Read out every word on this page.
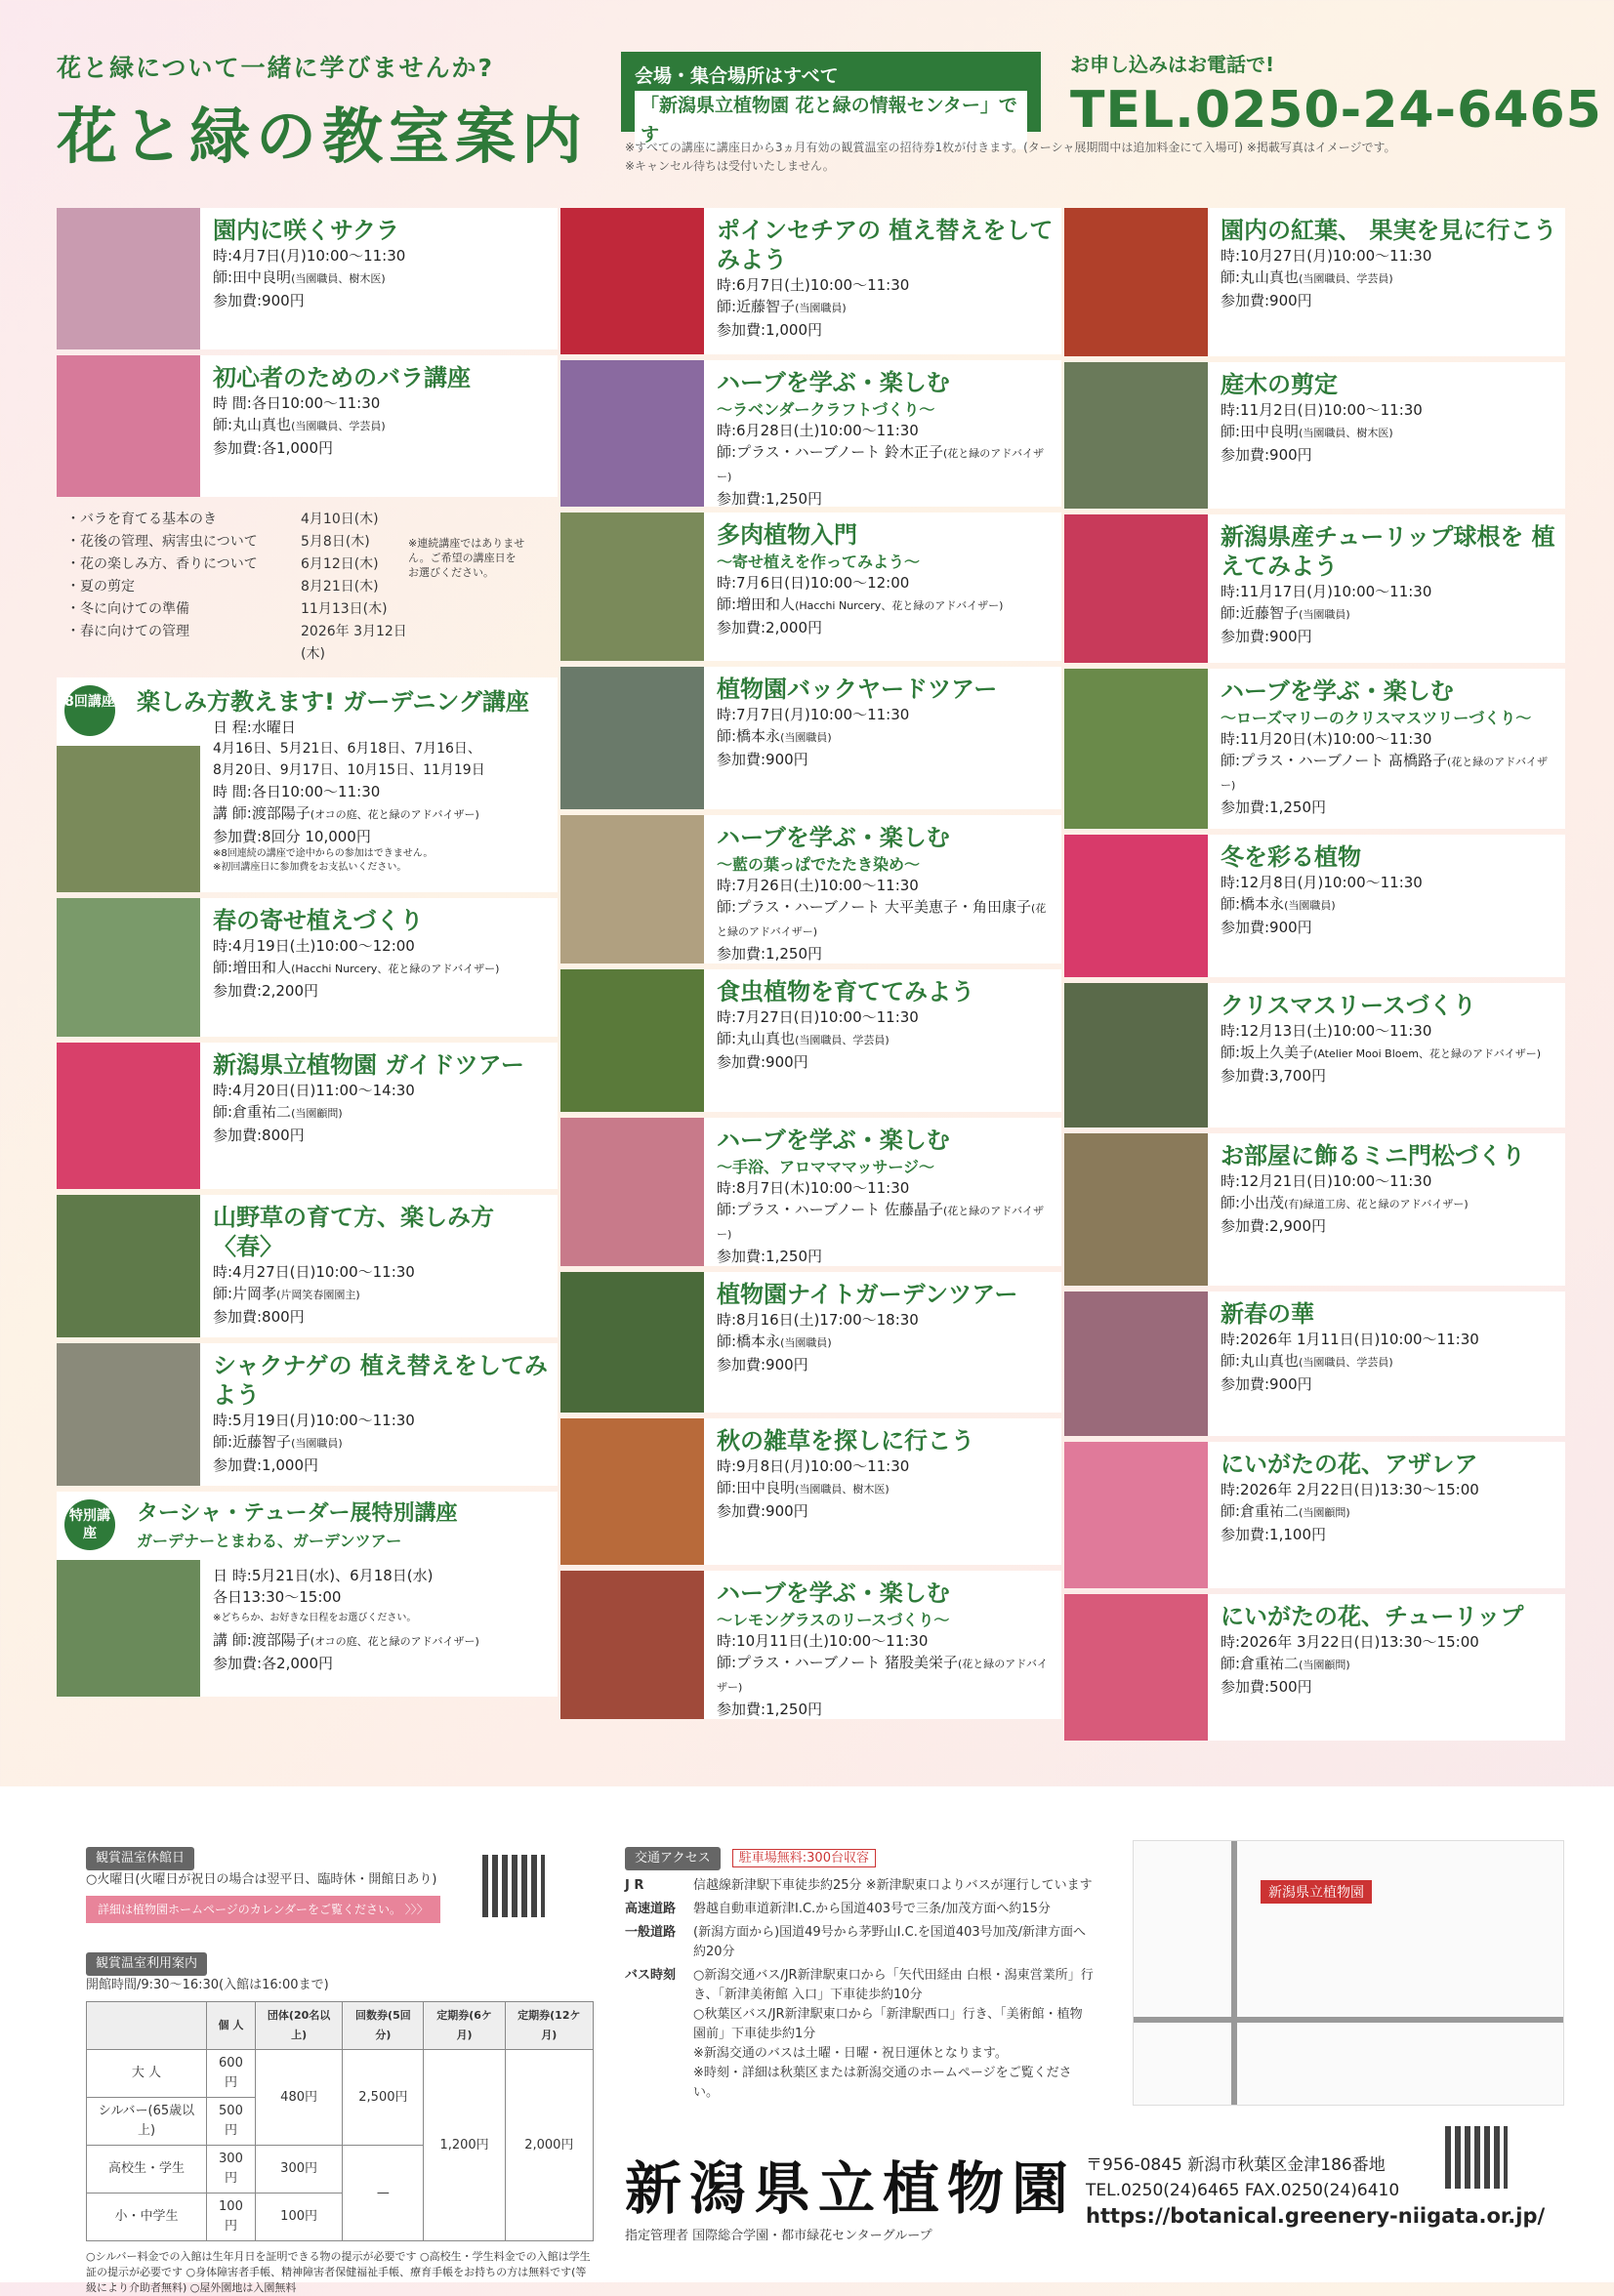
花と緑について一緒に学びませんか?
花と緑の教室案内
会場・集合場所はすべて
「新潟県立植物園 花と緑の情報センター」です
お申し込みはお電話で!
TEL.0250-24-6465
※すべての講座に講座日から3ヵ月有効の観賞温室の招待券1枚が付きます。(ターシャ展期間中は追加料金にて入場可) ※掲載写真はイメージです。
※キャンセル待ちは受付いたしません。
園内に咲くサクラ
時:4月7日(月)10:00〜11:30
師:田中良明(当園職員、樹木医)
参加費:900円
初心者のためのバラ講座
時 間:各日10:00〜11:30
師:丸山真也(当園職員、学芸員)
参加費:各1,000円
・バラを育てる基本のき	4月10日(木)
・花後の管理、病害虫について	5月8日(木)
・花の楽しみ方、香りについて	6月12日(木)
・夏の剪定	8月21日(木)
・冬に向けての準備	11月13日(木)
・春に向けての管理	2026年 3月12日(木)
※連続講座ではありません。ご希望の講座日をお選びください。
8回講座 楽しみ方教えます! ガーデニング講座
日 程:水曜日
4月16日、5月21日、6月18日、7月16日、
8月20日、9月17日、10月15日、11月19日
時 間:各日10:00〜11:30
講 師:渡部陽子(オコの庭、花と緑のアドバイザー)
参加費:8回分 10,000円
※8回連続の講座で途中からの参加はできません。
※初回講座日に参加費をお支払いください。
春の寄せ植えづくり
時:4月19日(土)10:00〜12:00
師:増田和人(Hacchi Nurcery、花と緑のアドバイザー)
参加費:2,200円
新潟県立植物園 ガイドツアー
時:4月20日(日)11:00〜14:30
師:倉重祐二(当園顧問)
参加費:800円
山野草の育て方、楽しみ方〈春〉
時:4月27日(日)10:00〜11:30
師:片岡孝(片岡笑春園園主)
参加費:800円
シャクナゲの 植え替えをしてみよう
時:5月19日(月)10:00〜11:30
師:近藤智子(当園職員)
参加費:1,000円
特別講座
ターシャ・テューダー展特別講座
ガーデナーとまわる、ガーデンツアー
日 時:5月21日(水)、6月18日(水)
各日13:30〜15:00
※どちらか、お好きな日程をお選びください。
講 師:渡部陽子(オコの庭、花と緑のアドバイザー)
参加費:各2,000円
ポインセチアの 植え替えをしてみよう
時:6月7日(土)10:00〜11:30
師:近藤智子(当園職員)
参加費:1,000円
ハーブを学ぶ・楽しむ
〜ラベンダークラフトづくり〜
時:6月28日(土)10:00〜11:30
師:プラス・ハーブノート 鈴木正子(花と緑のアドバイザー)
参加費:1,250円
多肉植物入門
〜寄せ植えを作ってみよう〜
時:7月6日(日)10:00〜12:00
師:増田和人(Hacchi Nurcery、花と緑のアドバイザー)
参加費:2,000円
植物園バックヤードツアー
時:7月7日(月)10:00〜11:30
師:橋本永(当園職員)
参加費:900円
ハーブを学ぶ・楽しむ
〜藍の葉っぱでたたき染め〜
時:7月26日(土)10:00〜11:30
師:プラス・ハーブノート 大平美恵子・角田康子(花と緑のアドバイザー)
参加費:1,250円
食虫植物を育ててみよう
時:7月27日(日)10:00〜11:30
師:丸山真也(当園職員、学芸員)
参加費:900円
ハーブを学ぶ・楽しむ
〜手浴、アロマママッサージ〜
時:8月7日(木)10:00〜11:30
師:プラス・ハーブノート 佐藤晶子(花と緑のアドバイザー)
参加費:1,250円
植物園ナイトガーデンツアー
時:8月16日(土)17:00〜18:30
師:橋本永(当園職員)
参加費:900円
秋の雑草を探しに行こう
時:9月8日(月)10:00〜11:30
師:田中良明(当園職員、樹木医)
参加費:900円
ハーブを学ぶ・楽しむ
〜レモングラスのリースづくり〜
時:10月11日(土)10:00〜11:30
師:プラス・ハーブノート 猪股美栄子(花と緑のアドバイザー)
参加費:1,250円
園内の紅葉、 果実を見に行こう
時:10月27日(月)10:00〜11:30
師:丸山真也(当園職員、学芸員)
参加費:900円
庭木の剪定
時:11月2日(日)10:00〜11:30
師:田中良明(当園職員、樹木医)
参加費:900円
新潟県産チューリップ球根を 植えてみよう
時:11月17日(月)10:00〜11:30
師:近藤智子(当園職員)
参加費:900円
ハーブを学ぶ・楽しむ
〜ローズマリーのクリスマスツリーづくり〜
時:11月20日(木)10:00〜11:30
師:プラス・ハーブノート 髙橋路子(花と緑のアドバイザー)
参加費:1,250円
冬を彩る植物
時:12月8日(月)10:00〜11:30
師:橋本永(当園職員)
参加費:900円
クリスマスリースづくり
時:12月13日(土)10:00〜11:30
師:坂上久美子(Atelier Mooi Bloem、花と緑のアドバイザー)
参加費:3,700円
お部屋に飾るミニ門松づくり
時:12月21日(日)10:00〜11:30
師:小出茂(有)緑道工房、花と緑のアドバイザー)
参加費:2,900円
新春の華
時:2026年 1月11日(日)10:00〜11:30
師:丸山真也(当園職員、学芸員)
参加費:900円
にいがたの花、アザレア
時:2026年 2月22日(日)13:30〜15:00
師:倉重祐二(当園顧問)
参加費:1,100円
にいがたの花、チューリップ
時:2026年 3月22日(日)13:30〜15:00
師:倉重祐二(当園顧問)
参加費:500円
観賞温室休館日
○火曜日(火曜日が祝日の場合は翌平日、臨時休・開館日あり)
詳細は植物園ホームページのカレンダーをご覧ください。 〉〉〉
観賞温室利用案内
開館時間/9:30〜16:30(入館は16:00まで)
	個 人	団体(20名以上)	回数券(5回分)	定期券(6ケ月)	定期券(12ケ月)
大 人	600円	480円	2,500円	1,200円	2,000円
シルバー(65歳以上)	500円				
高校生・学生	300円	300円	—		
小・中学生	100円	100円			
○シルバー料金での入館は生年月日を証明できる物の提示が必要です ○高校生・学生料金での入館は学生証の提示が必要です ○身体障害者手帳、精神障害者保健福祉手帳、療育手帳をお持ちの方は無料です(等級により介助者無料) ○屋外園地は入園無料
交通アクセス 駐車場無料:300台収容
J R	信越線新津駅下車徒歩約25分 ※新津駅東口よりバスが運行しています
高速道路	磐越自動車道新津I.C.から国道403号で三条/加茂方面へ約15分
一般道路	(新潟方面から)国道49号から茅野山I.C.を国道403号加茂/新津方面へ約20分
バス時刻	○新潟交通バス/JR新津駅東口から「矢代田経由 白根・潟東営業所」行き、「新津美術館 入口」下車徒歩約10分
○秋葉区バス/JR新津駅東口から「新津駅西口」行き、「美術館・植物園前」下車徒歩約1分
※新潟交通のバスは土曜・日曜・祝日運休となります。
※時刻・詳細は秋葉区または新潟交通のホームページをご覧ください。
新潟県立植物園
新潟県立植物園
指定管理者 国際総合学園・都市緑花センターグループ
〒956-0845 新潟市秋葉区金津186番地
TEL.0250(24)6465 FAX.0250(24)6410
https://botanical.greenery-niigata.or.jp/
